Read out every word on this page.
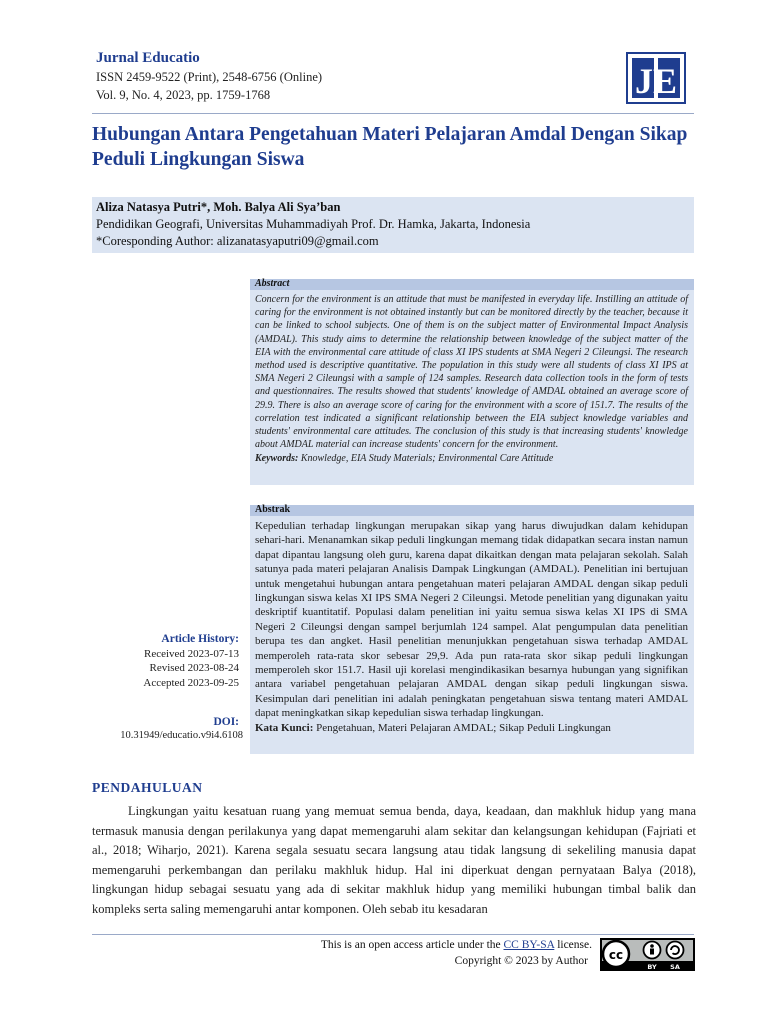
Jurnal Educatio
ISSN 2459-9522 (Print), 2548-6756 (Online)
Vol. 9, No. 4, 2023, pp. 1759-1768	JE
Hubungan Antara Pengetahuan Materi Pelajaran Amdal Dengan Sikap Peduli Lingkungan Siswa
Aliza Natasya Putri*, Moh. Balya Ali Sya’ban
Pendidikan Geografi, Universitas Muhammadiyah Prof. Dr. Hamka, Jakarta, Indonesia
*Coresponding Author: alizanatasyaputri09@gmail.com
Abstract
Concern for the environment is an attitude that must be manifested in everyday life. Instilling an attitude of caring for the environment is not obtained instantly but can be monitored directly by the teacher, because it can be linked to school subjects. One of them is on the subject matter of Environmental Impact Analysis (AMDAL). This study aims to determine the relationship between knowledge of the subject matter of the EIA with the environmental care attitude of class XI IPS students at SMA Negeri 2 Cileungsi. The research method used is descriptive quantitative. The population in this study were all students of class XI IPS at SMA Negeri 2 Cileungsi with a sample of 124 samples. Research data collection tools in the form of tests and questionnaires. The results showed that students' knowledge of AMDAL obtained an average score of 29.9. There is also an average score of caring for the environment with a score of 151.7. The results of the correlation test indicated a significant relationship between the EIA subject knowledge variables and students' environmental care attitudes. The conclusion of this study is that increasing students' knowledge about AMDAL material can increase students' concern for the environment.
Keywords: Knowledge, EIA Study Materials; Environmental Care Attitude
Abstrak
Kepedulian terhadap lingkungan merupakan sikap yang harus diwujudkan dalam kehidupan sehari-hari. Menanamkan sikap peduli lingkungan memang tidak didapatkan secara instan namun dapat dipantau langsung oleh guru, karena dapat dikaitkan dengan mata pelajaran sekolah. Salah satunya pada materi pelajaran Analisis Dampak Lingkungan (AMDAL). Penelitian ini bertujuan untuk mengetahui hubungan antara pengetahuan materi pelajaran AMDAL dengan sikap peduli lingkungan siswa kelas XI IPS SMA Negeri 2 Cileungsi. Metode penelitian yang digunakan yaitu deskriptif kuantitatif. Populasi dalam penelitian ini yaitu semua siswa kelas XI IPS di SMA Negeri 2 Cileungsi dengan sampel berjumlah 124 sampel. Alat pengumpulan data penelitian berupa tes dan angket. Hasil penelitian menunjukkan pengetahuan siswa terhadap AMDAL memperoleh rata-rata skor sebesar 29,9. Ada pun rata-rata skor sikap peduli lingkungan memperoleh skor 151.7. Hasil uji korelasi mengindikasikan besarnya hubungan yang signifikan antara variabel pengetahuan pelajaran AMDAL dengan sikap peduli lingkungan siswa. Kesimpulan dari penelitian ini adalah peningkatan pengetahuan siswa tentang materi AMDAL dapat meningkatkan sikap kepedulian siswa terhadap lingkungan.
Kata Kunci: Pengetahuan, Materi Pelajaran AMDAL; Sikap Peduli Lingkungan
Article History:
Received 2023-07-13
Revised 2023-08-24
Accepted 2023-09-25
DOI:
10.31949/educatio.v9i4.6108
PENDAHULUAN
Lingkungan yaitu kesatuan ruang yang memuat semua benda, daya, keadaan, dan makhluk hidup yang mana termasuk manusia dengan perilakunya yang dapat memengaruhi alam sekitar dan kelangsungan kehidupan (Fajriati et al., 2018; Wiharjo, 2021). Karena segala sesuatu secara langsung atau tidak langsung di sekeliling manusia dapat memengaruhi perkembangan dan perilaku makhluk hidup. Hal ini diperkuat dengan pernyataan Balya (2018), lingkungan hidup sebagai sesuatu yang ada di sekitar makhluk hidup yang memiliki hubungan timbal balik dan kompleks serta saling memengaruhi antar komponen. Oleh sebab itu kesadaran
This is an open access article under the CC BY-SA license.
Copyright © 2023 by Author cc
BY SA
